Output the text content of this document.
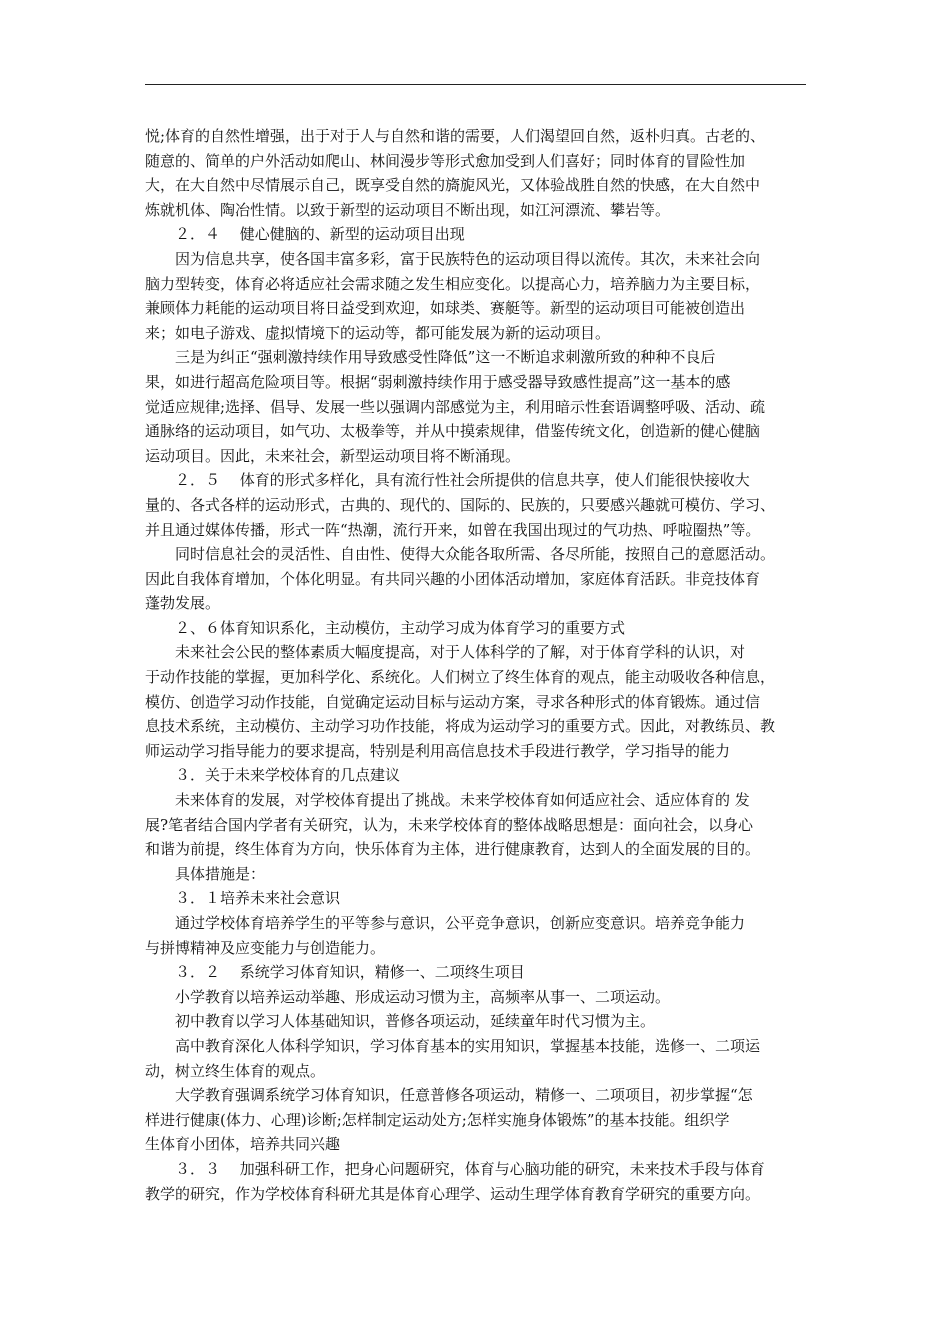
悦;体育的自然性增强，出于对于人与自然和谐的需要，人们渴望回自然，返朴归真。古老的、
随意的、简单的户外活动如爬山、林间漫步等形式愈加受到人们喜好；同时体育的冒险性加
大，在大自然中尽情展示自己，既享受自然的旖旎风光，又体验战胜自然的快感，在大自然中
炼就机体、陶冶性情。以致于新型的运动项目不断出现，如江河漂流、攀岩等。
２．４　 健心健脑的、新型的运动项目出现
因为信息共享，使各国丰富多彩，富于民族特色的运动项目得以流传。其次，未来社会向
脑力型转变，体育必将适应社会需求随之发生相应变化。以提高心力，培养脑力为主要目标，
兼顾体力耗能的运动项目将日益受到欢迎，如球类、赛艇等。新型的运动项目可能被创造出
来；如电子游戏、虚拟情境下的运动等，都可能发展为新的运动项目。
三是为纠正“强刺激持续作用导致感受性降低”这一不断追求刺激所致的种种不良后
果，如进行超高危险项目等。根据“弱刺激持续作用于感受器导致感性提高”这一基本的感
觉适应规律;选择、倡导、发展一些以强调内部感觉为主，利用暗示性套语调整呼吸、活动、疏
通脉络的运动项目，如气功、太极拳等，并从中摸索规律，借鉴传统文化，创造新的健心健脑
运动项目。因此，未来社会，新型运动项目将不断涌现。
２．５　 体育的形式多样化，具有流行性社会所提供的信息共享，使人们能很快接收大
量的、各式各样的运动形式，古典的、现代的、国际的、民族的，只要感兴趣就可模仿、学习、
并且通过媒体传播，形式一阵“热潮，流行开来，如曾在我国出现过的气功热、呼啦圈热”等。
同时信息社会的灵活性、自由性、使得大众能各取所需、各尽所能，按照自己的意愿活动。
因此自我体育增加，个体化明显。有共同兴趣的小团体活动增加，家庭体育活跃。非竞技体育
蓬勃发展。
２、６体育知识系化，主动模仿，主动学习成为体育学习的重要方式
未来社会公民的整体素质大幅度提高，对于人体科学的了解，对于体育学科的认识，对
于动作技能的掌握，更加科学化、系统化。人们树立了终生体育的观点，能主动吸收各种信息，
模仿、创造学习动作技能，自觉确定运动目标与运动方案，寻求各种形式的体育锻炼。通过信
息技术系统，主动模仿、主动学习功作技能，将成为运动学习的重要方式。因此，对教练员、教
师运动学习指导能力的要求提高，特别是利用高信息技术手段进行教学，学习指导的能力
３．关于未来学校体育的几点建议
未来体育的发展，对学校体育提出了挑战。未来学校体育如何适应社会、适应体育的 发
展?笔者结合国内学者有关研究，认为，未来学校体育的整体战略思想是：面向社会，以身心
和谐为前提，终生体育为方向，快乐体育为主体，进行健康教育，达到人的全面发展的目的。
具体措施是：
３．１培养未来社会意识
通过学校体育培养学生的平等参与意识，公平竞争意识，创新应变意识。培养竞争能力
与拼博精神及应变能力与创造能力。
３．２　 系统学习体育知识，精修一、二项终生项目
小学教育以培养运动举趣、形成运动习惯为主，高频率从事一、二项运动。
初中教育以学习人体基础知识，普修各项运动，延续童年时代习惯为主。
高中教育深化人体科学知识，学习体育基本的实用知识，掌握基本技能，选修一、二项运
动，树立终生体育的观点。
大学教育强调系统学习体育知识，任意普修各项运动，精修一、二项项目，初步掌握“怎
样进行健康(体力、心理)诊断;怎样制定运动处方;怎样实施身体锻炼”的基本技能。组织学
生体育小团体，培养共同兴趣
３．３　 加强科研工作，把身心问题研究，体育与心脑功能的研究，未来技术手段与体育
教学的研究，作为学校体育科研尤其是体育心理学、运动生理学体育教育学研究的重要方向。
